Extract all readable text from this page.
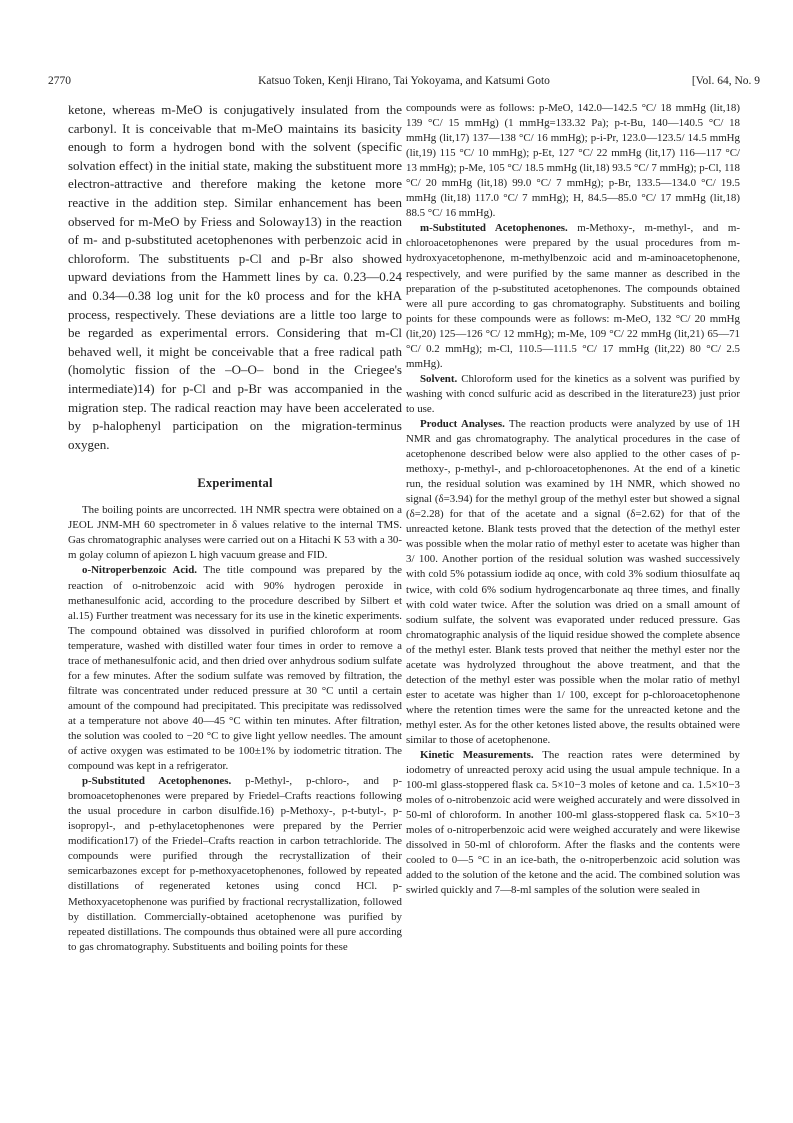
2770	Katsuo Token, Kenji Hirano, Tai Yokoyama, and Katsumi Goto	[Vol. 64, No. 9

ketone, whereas m-MeO is conjugatively insulated from the carbonyl. It is conceivable that m-MeO maintains its basicity enough to form a hydrogen bond with the solvent (specific solvation effect) in the initial state, making the substituent more electron-attractive and therefore making the ketone more reactive in the addition step. Similar enhancement has been observed for m-MeO by Friess and Soloway13) in the reaction of m- and p-substituted acetophenones with perbenzoic acid in chloroform. The substituents p-Cl and p-Br also showed upward deviations from the Hammett lines by ca. 0.23—0.24 and 0.34—0.38 log unit for the k0 process and for the kHA process, respectively. These deviations are a little too large to be regarded as experimental errors. Considering that m-Cl behaved well, it might be conceivable that a free radical path (homolytic fission of the –O–O– bond in the Criegee's intermediate)14) for p-Cl and p-Br was accompanied in the migration step. The radical reaction may have been accelerated by p-halophenyl participation on the migration-terminus oxygen.

Experimental

The boiling points are uncorrected. 1H NMR spectra were obtained on a JEOL JNM-MH 60 spectrometer in δ values relative to the internal TMS. Gas chromatographic analyses were carried out on a Hitachi K 53 with a 30-m golay column of apiezon L high vacuum grease and FID.

o-Nitroperbenzoic Acid. The title compound was prepared by the reaction of o-nitrobenzoic acid with 90% hydrogen peroxide in methanesulfonic acid, according to the procedure described by Silbert et al.15) Further treatment was necessary for its use in the kinetic experiments. The compound obtained was dissolved in purified chloroform at room temperature, washed with distilled water four times in order to remove a trace of methanesulfonic acid, and then dried over anhydrous sodium sulfate for a few minutes. After the sodium sulfate was removed by filtration, the filtrate was concentrated under reduced pressure at 30 °C until a certain amount of the compound had precipitated. This precipitate was redissolved at a temperature not above 40—45 °C within ten minutes. After filtration, the solution was cooled to −20 °C to give light yellow needles. The amount of active oxygen was estimated to be 100±1% by iodometric titration. The compound was kept in a refrigerator.

p-Substituted Acetophenones. p-Methyl-, p-chloro-, and p-bromoacetophenones were prepared by Friedel–Crafts reactions following the usual procedure in carbon disulfide.16) p-Methoxy-, p-t-butyl-, p-isopropyl-, and p-ethylacetophenones were prepared by the Perrier modification17) of the Friedel–Crafts reaction in carbon tetrachloride. The compounds were purified through the recrystallization of their semicarbazones except for p-methoxyacetophenones, followed by repeated distillations of regenerated ketones using concd HCl. p-Methoxyacetophenone was purified by fractional recrystallization, followed by distillation. Commercially-obtained acetophenone was purified by repeated distillations. The compounds thus obtained were all pure according to gas chromatography. Substituents and boiling points for these

compounds were as follows: p-MeO, 142.0—142.5 °C/ 18 mmHg (lit,18) 139 °C/ 15 mmHg) (1 mmHg=133.32 Pa); p-t-Bu, 140—140.5 °C/ 18 mmHg (lit,17) 137—138 °C/ 16 mmHg); p-i-Pr, 123.0—123.5/ 14.5 mmHg (lit,19) 115 °C/ 10 mmHg); p-Et, 127 °C/ 22 mmHg (lit,17) 116—117 °C/ 13 mmHg); p-Me, 105 °C/ 18.5 mmHg (lit,18) 93.5 °C/ 7 mmHg); p-Cl, 118 °C/ 20 mmHg (lit,18) 99.0 °C/ 7 mmHg); p-Br, 133.5—134.0 °C/ 19.5 mmHg (lit,18) 117.0 °C/ 7 mmHg); H, 84.5—85.0 °C/ 17 mmHg (lit,18) 88.5 °C/ 16 mmHg).

m-Substituted Acetophenones. m-Methoxy-, m-methyl-, and m-chloroacetophenones were prepared by the usual procedures from m-hydroxyacetophenone, m-methylbenzoic acid and m-aminoacetophenone, respectively, and were purified by the same manner as described in the preparation of the p-substituted acetophenones. The compounds obtained were all pure according to gas chromatography. Substituents and boiling points for these compounds were as follows: m-MeO, 132 °C/ 20 mmHg (lit,20) 125—126 °C/ 12 mmHg); m-Me, 109 °C/ 22 mmHg (lit,21) 65—71 °C/ 0.2 mmHg); m-Cl, 110.5—111.5 °C/ 17 mmHg (lit,22) 80 °C/ 2.5 mmHg).

Solvent. Chloroform used for the kinetics as a solvent was purified by washing with concd sulfuric acid as described in the literature23) just prior to use.

Product Analyses. The reaction products were analyzed by use of 1H NMR and gas chromatography. The analytical procedures in the case of acetophenone described below were also applied to the other cases of p-methoxy-, p-methyl-, and p-chloroacetophenones. At the end of a kinetic run, the residual solution was examined by 1H NMR, which showed no signal (δ=3.94) for the methyl group of the methyl ester but showed a signal (δ=2.28) for that of the acetate and a signal (δ=2.62) for that of the unreacted ketone. Blank tests proved that the detection of the methyl ester was possible when the molar ratio of methyl ester to acetate was higher than 3/ 100. Another portion of the residual solution was washed successively with cold 5% potassium iodide aq once, with cold 3% sodium thiosulfate aq twice, with cold 6% sodium hydrogencarbonate aq three times, and finally with cold water twice. After the solution was dried on a small amount of sodium sulfate, the solvent was evaporated under reduced pressure. Gas chromatographic analysis of the liquid residue showed the complete absence of the methyl ester. Blank tests proved that neither the methyl ester nor the acetate was hydrolyzed throughout the above treatment, and that the detection of the methyl ester was possible when the molar ratio of methyl ester to acetate was higher than 1/ 100, except for p-chloroacetophenone where the retention times were the same for the unreacted ketone and the methyl ester. As for the other ketones listed above, the results obtained were similar to those of acetophenone.

Kinetic Measurements. The reaction rates were determined by iodometry of unreacted peroxy acid using the usual ampule technique. In a 100-ml glass-stoppered flask ca. 5×10−3 moles of ketone and ca. 1.5×10−3 moles of o-nitrobenzoic acid were weighed accurately and were dissolved in 50-ml of chloroform. In another 100-ml glass-stoppered flask ca. 5×10−3 moles of o-nitroperbenzoic acid were weighed accurately and were likewise dissolved in 50-ml of chloroform. After the flasks and the contents were cooled to 0—5 °C in an ice-bath, the o-nitroperbenzoic acid solution was added to the solution of the ketone and the acid. The combined solution was swirled quickly and 7—8-ml samples of the solution were sealed in
